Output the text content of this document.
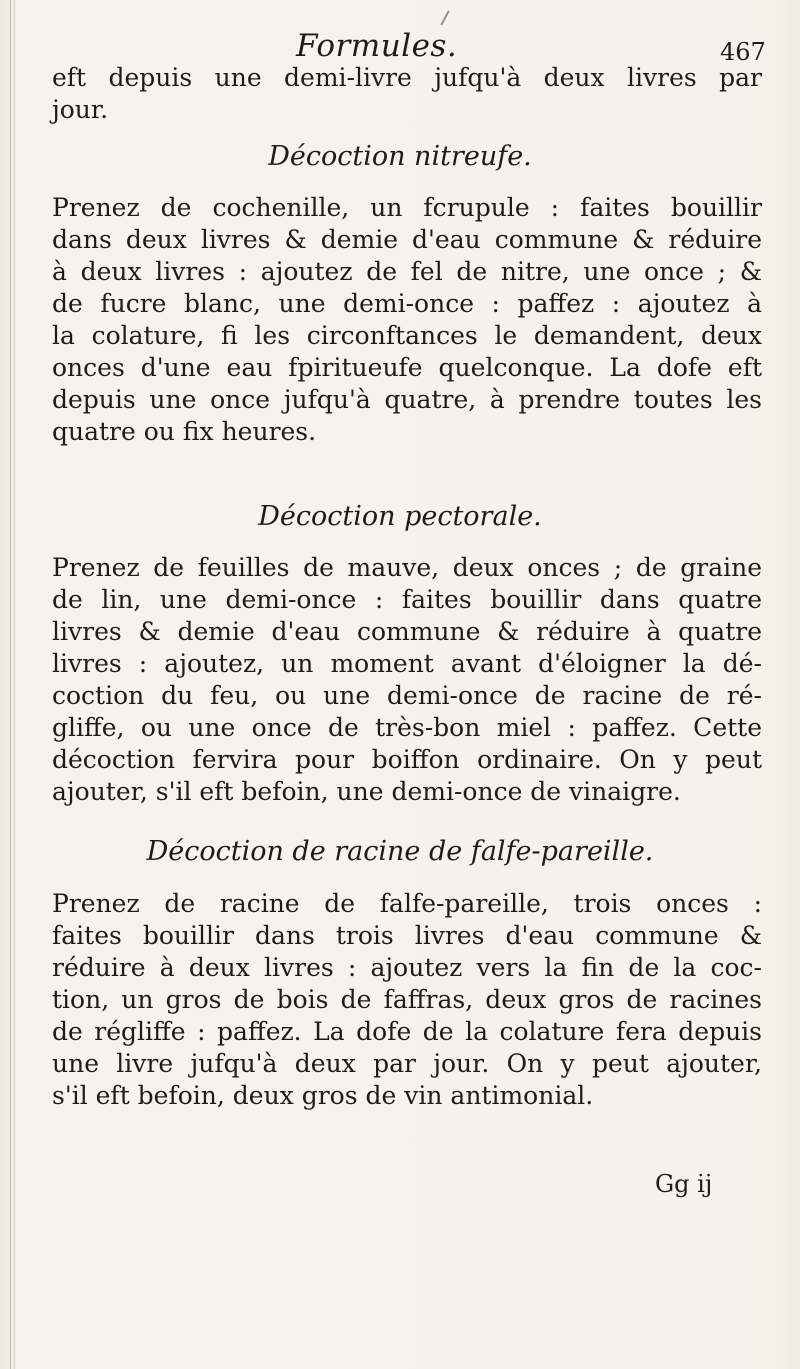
Formules.	467
eft depuis une demi-livre jufqu'à deux livres par
jour.
Décoction nitreufe.
Prenez de cochenille, un fcrupule : faites bouillir
dans deux livres & demie d'eau commune & réduire
à deux livres : ajoutez de fel de nitre, une once ; &
de fucre blanc, une demi-once : paffez : ajoutez à
la colature, fi les circonftances le demandent, deux
onces d'une eau fpiritueufe quelconque. La dofe eft
depuis une once jufqu'à quatre, à prendre toutes les
quatre ou fix heures.
Décoction pectorale.
Prenez de feuilles de mauve, deux onces ; de graine
de lin, une demi-once : faites bouillir dans quatre
livres & demie d'eau commune & réduire à quatre
livres : ajoutez, un moment avant d'éloigner la dé-
coction du feu, ou une demi-once de racine de ré-
gliffe, ou une once de très-bon miel : paffez. Cette
décoction fervira pour boiffon ordinaire. On y peut
ajouter, s'il eft befoin, une demi-once de vinaigre.
Décoction de racine de falfe-pareille.
Prenez de racine de falfe-pareille, trois onces :
faites bouillir dans trois livres d'eau commune &
réduire à deux livres : ajoutez vers la fin de la coc-
tion, un gros de bois de faffras, deux gros de racines
de régliffe : paffez. La dofe de la colature fera depuis
une livre jufqu'à deux par jour. On y peut ajouter,
s'il eft befoin, deux gros de vin antimonial.
Gg ij
